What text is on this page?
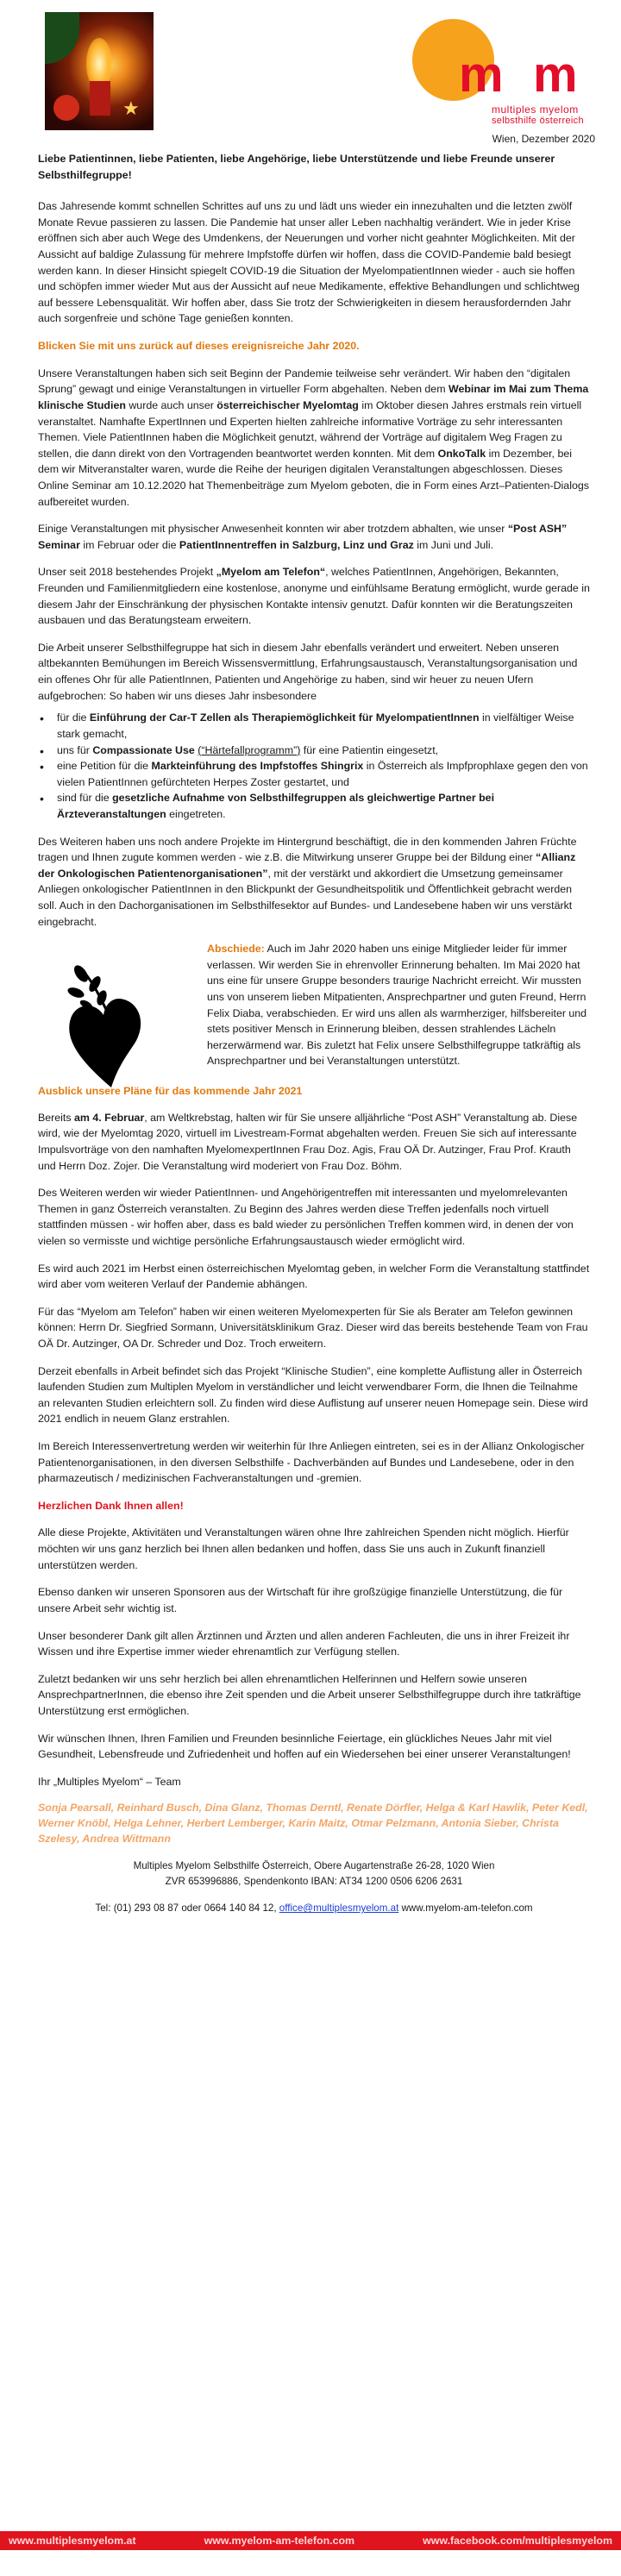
★
m m
multiples myelom
selbsthilfe österreich
Wien, Dezember 2020

Liebe Patientinnen, liebe Patienten, liebe Angehörige, liebe Unterstützende und liebe Freunde unserer Selbsthilfegruppe!

Das Jahresende kommt schnellen Schrittes auf uns zu und lädt uns wieder ein innezuhalten und die letzten zwölf Monate Revue passieren zu lassen. Die Pandemie hat unser aller Leben nachhaltig verändert. Wie in jeder Krise eröffnen sich aber auch Wege des Umdenkens, der Neuerungen und vorher nicht geahnter Möglichkeiten. Mit der Aussicht auf baldige Zulassung für mehrere Impfstoffe dürfen wir hoffen, dass die COVID-Pandemie bald besiegt werden kann. In dieser Hinsicht spiegelt COVID-19 die Situation der MyelompatientInnen wieder - auch sie hoffen und schöpfen immer wieder Mut aus der Aussicht auf neue Medikamente, effektive Behandlungen und schlichtweg auf bessere Lebensqualität. Wir hoffen aber, dass Sie trotz der Schwierigkeiten in diesem herausfordernden Jahr auch sorgenfreie und schöne Tage genießen konnten.

Blicken Sie mit uns zurück auf dieses ereignisreiche Jahr 2020.

Unsere Veranstaltungen haben sich seit Beginn der Pandemie teilweise sehr verändert. Wir haben den “digitalen Sprung” gewagt und einige Veranstaltungen in virtueller Form abgehalten. Neben dem Webinar im Mai zum Thema klinische Studien wurde auch unser österreichischer Myelomtag im Oktober diesen Jahres erstmals rein virtuell veranstaltet. Namhafte ExpertInnen und Experten hielten zahlreiche informative Vorträge zu sehr interessanten Themen. Viele PatientInnen haben die Möglichkeit genutzt, während der Vorträge auf digitalem Weg Fragen zu stellen, die dann direkt von den Vortragenden beantwortet werden konnten. Mit dem OnkoTalk im Dezember, bei dem wir Mitveranstalter waren, wurde die Reihe der heurigen digitalen Veranstaltungen abgeschlossen. Dieses Online Seminar am 10.12.2020 hat Themenbeiträge zum Myelom geboten, die in Form eines Arzt–Patienten-Dialogs aufbereitet wurden.

Einige Veranstaltungen mit physischer Anwesenheit konnten wir aber trotzdem abhalten, wie unser “Post ASH” Seminar im Februar oder die PatientInnentreffen in Salzburg, Linz und Graz im Juni und Juli.

Unser seit 2018 bestehendes Projekt „Myelom am Telefon“, welches PatientInnen, Angehörigen, Bekannten, Freunden und Familienmitgliedern eine kostenlose, anonyme und einfühlsame Beratung ermöglicht, wurde gerade in diesem Jahr der Einschränkung der physischen Kontakte intensiv genutzt. Dafür konnten wir die Beratungszeiten ausbauen und das Beratungsteam erweitern.

Die Arbeit unserer Selbsthilfegruppe hat sich in diesem Jahr ebenfalls verändert und erweitert. Neben unseren altbekannten Bemühungen im Bereich Wissensvermittlung, Erfahrungsaustausch, Veranstaltungsorganisation und ein offenes Ohr für alle PatientInnen, Patienten und Angehörige zu haben, sind wir heuer zu neuen Ufern aufgebrochen: So haben wir uns dieses Jahr insbesondere

• für die Einführung der Car-T Zellen als Therapiemöglichkeit für MyelompatientInnen in vielfältiger Weise stark gemacht,
• uns für Compassionate Use (“Härtefallprogramm”) für eine Patientin eingesetzt,
• eine Petition für die Markteinführung des Impfstoffes Shingrix in Österreich als Impfprophlaxe gegen den von vielen PatientInnen gefürchteten Herpes Zoster gestartet, und
• sind für die gesetzliche Aufnahme von Selbsthilfegruppen als gleichwertige Partner bei Ärzteveranstaltungen eingetreten.

Des Weiteren haben uns noch andere Projekte im Hintergrund beschäftigt, die in den kommenden Jahren Früchte tragen und Ihnen zugute kommen werden - wie z.B. die Mitwirkung unserer Gruppe bei der Bildung einer “Allianz der Onkologischen Patientenorganisationen”, mit der verstärkt und akkordiert die Umsetzung gemeinsamer Anliegen onkologischer PatientInnen in den Blickpunkt der Gesundheitspolitik und Öffentlichkeit gebracht werden soll. Auch in den Dachorganisationen im Selbsthilfesektor auf Bundes- und Landesebene haben wir uns verstärkt eingebracht.

Abschiede: Auch im Jahr 2020 haben uns einige Mitglieder leider für immer verlassen. Wir werden Sie in ehrenvoller Erinnerung behalten. Im Mai 2020 hat uns eine für unsere Gruppe besonders traurige Nachricht erreicht. Wir mussten uns von unserem lieben Mitpatienten, Ansprechpartner und guten Freund, Herrn Felix Diaba, verabschieden. Er wird uns allen als warmherziger, hilfsbereiter und stets positiver Mensch in Erinnerung bleiben, dessen strahlendes Lächeln herzerwärmend war. Bis zuletzt hat Felix unsere Selbsthilfegruppe tatkräftig als Ansprechpartner und bei Veranstaltungen unterstützt.

Ausblick unsere Pläne für das kommende Jahr 2021

Bereits am 4. Februar, am Weltkrebstag, halten wir für Sie unsere alljährliche “Post ASH” Veranstaltung ab. Diese wird, wie der Myelomtag 2020, virtuell im Livestream-Format abgehalten werden. Freuen Sie sich auf interessante Impulsvorträge von den namhaften MyelomexpertInnen Frau Doz. Agis, Frau OÄ Dr. Autzinger, Frau Prof. Krauth und Herrn Doz. Zojer. Die Veranstaltung wird moderiert von Frau Doz. Böhm.

Des Weiteren werden wir wieder PatientInnen- und Angehörigentreffen mit interessanten und myelomrelevanten Themen in ganz Österreich veranstalten. Zu Beginn des Jahres werden diese Treffen jedenfalls noch virtuell stattfinden müssen - wir hoffen aber, dass es bald wieder zu persönlichen Treffen kommen wird, in denen der von vielen so vermisste und wichtige persönliche Erfahrungsaustausch wieder ermöglicht wird.

Es wird auch 2021 im Herbst einen österreichischen Myelomtag geben, in welcher Form die Veranstaltung stattfindet wird aber vom weiteren Verlauf der Pandemie abhängen.

Für das “Myelom am Telefon” haben wir einen weiteren Myelomexperten für Sie als Berater am Telefon gewinnen können: Herrn Dr. Siegfried Sormann, Universitätsklinikum Graz. Dieser wird das bereits bestehende Team von Frau OÄ Dr. Autzinger, OA Dr. Schreder und Doz. Troch erweitern.

Derzeit ebenfalls in Arbeit befindet sich das Projekt “Klinische Studien”, eine komplette Auflistung aller in Österreich laufenden Studien zum Multiplen Myelom in verständlicher und leicht verwendbarer Form, die Ihnen die Teilnahme an relevanten Studien erleichtern soll. Zu finden wird diese Auflistung auf unserer neuen Homepage sein. Diese wird 2021 endlich in neuem Glanz erstrahlen.

Im Bereich Interessenvertretung werden wir weiterhin für Ihre Anliegen eintreten, sei es in der Allianz Onkologischer Patientenorganisationen, in den diversen Selbsthilfe - Dachverbänden auf Bundes und Landesebene, oder in den pharmazeutisch / medizinischen Fachveranstaltungen und -gremien.

Herzlichen Dank Ihnen allen!

Alle diese Projekte, Aktivitäten und Veranstaltungen wären ohne Ihre zahlreichen Spenden nicht möglich. Hierfür möchten wir uns ganz herzlich bei Ihnen allen bedanken und hoffen, dass Sie uns auch in Zukunft finanziell unterstützen werden.

Ebenso danken wir unseren Sponsoren aus der Wirtschaft für ihre großzügige finanzielle Unterstützung, die für unsere Arbeit sehr wichtig ist.

Unser besonderer Dank gilt allen Ärztinnen und Ärzten und allen anderen Fachleuten, die uns in ihrer Freizeit ihr Wissen und ihre Expertise immer wieder ehrenamtlich zur Verfügung stellen.

Zuletzt bedanken wir uns sehr herzlich bei allen ehrenamtlichen Helferinnen und Helfern sowie unseren AnsprechpartnerInnen, die ebenso ihre Zeit spenden und die Arbeit unserer Selbsthilfegruppe durch ihre tatkräftige Unterstützung erst ermöglichen.

Wir wünschen Ihnen, Ihren Familien und Freunden besinnliche Feiertage, ein glückliches Neues Jahr mit viel Gesundheit, Lebensfreude und Zufriedenheit und hoffen auf ein Wiedersehen bei einer unserer Veranstaltungen!

Ihr „Multiples Myelom“ – Team

Sonja Pearsall, Reinhard Busch, Dina Glanz, Thomas Derntl, Renate Dörfler, Helga & Karl Hawlik, Peter Kedl, Werner Knöbl, Helga Lehner, Herbert Lemberger, Karin Maitz, Otmar Pelzmann, Antonia Sieber, Christa Szelesy, Andrea Wittmann

Multiples Myelom Selbsthilfe Österreich, Obere Augartenstraße 26-28, 1020 Wien
ZVR 653996886, Spendenkonto IBAN: AT34 1200 0506 6206 2631
Tel: (01) 293 08 87 oder 0664 140 84 12, office@multiplesmyelom.at www.myelom-am-telefon.com
www.multiplesmyelom.at	www.myelom-am-telefon.com	www.facebook.com/multiplesmyelom
